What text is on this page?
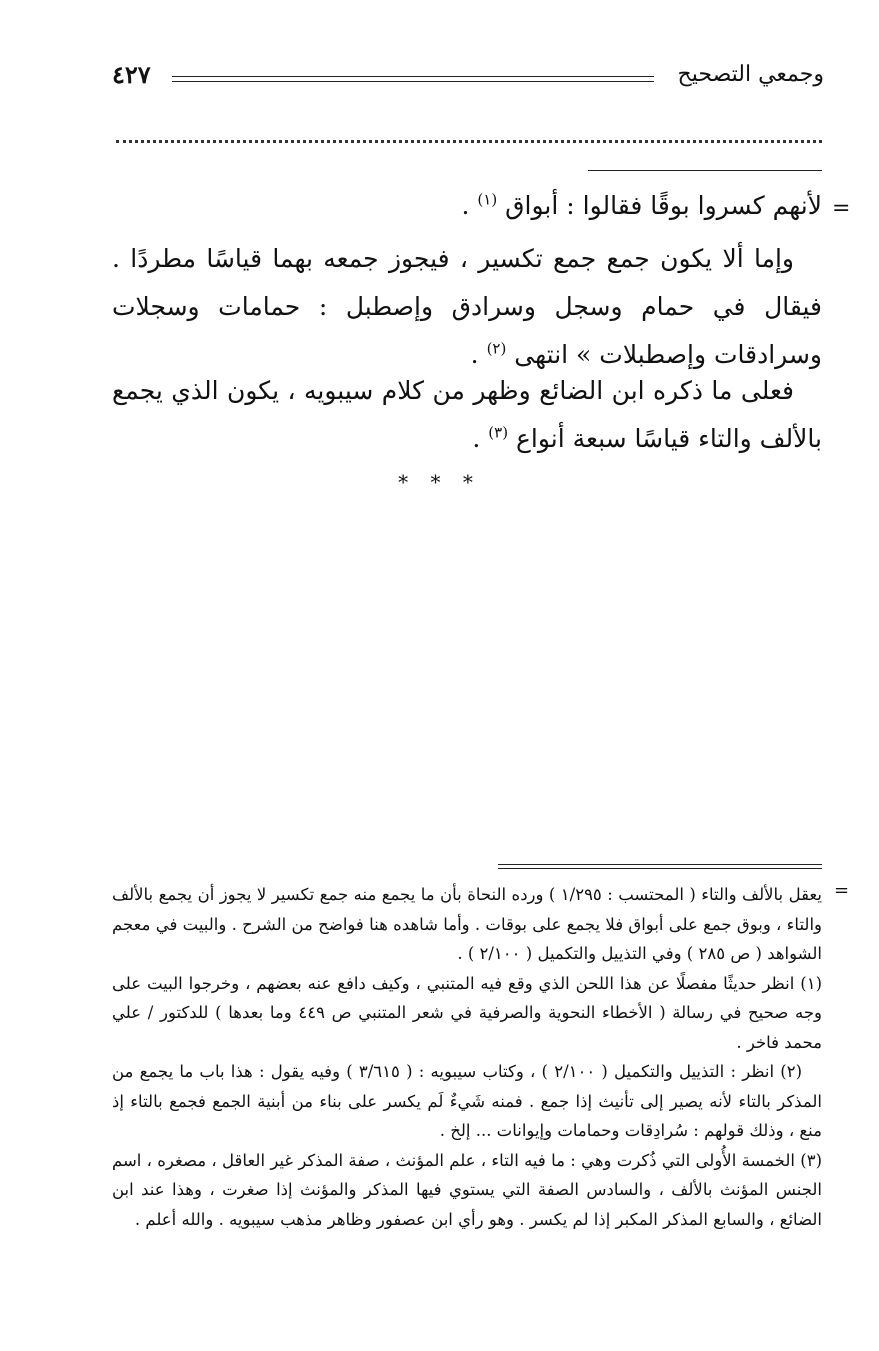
٤٢٧	وجمعي التصحيح
=

لأنهم كسروا بوقًا فقالوا : أبواق $^{(١)}$ .

وإما ألا يكون جمع جمع تكسير ، فيجوز جمعه بهما قياسًا مطردًا . فيقال في حمام وسجل وسرادق وإصطبل : حمامات وسجلات وسرادقات وإصطبلات » انتهى $^{(٢)}$ .

فعلى ما ذكره ابن الضائع وظهر من كلام سيبويه ، يكون الذي يجمع بالألف والتاء قياسًا سبعة أنواع $^{(٣)}$ .

* * *
=

يعقل بالألف والتاء ( المحتسب : ١/٢٩٥ ) ورده النحاة بأن ما يجمع منه جمع تكسير لا يجوز أن يجمع بالألف والتاء ، وبوق جمع على أبواق فلا يجمع على بوقات . وأما شاهده هنا فواضح من الشرح . والبيت في معجم الشواهد ( ص ٢٨٥ ) وفي التذييل والتكميل ( ٢/١٠٠ ) .

(١) انظر حديثًا مفصلًا عن هذا اللحن الذي وقع فيه المتنبي ، وكيف دافع عنه بعضهم ، وخرجوا البيت على وجه صحيح في رسالة ( الأخطاء النحوية والصرفية في شعر المتنبي ص ٤٤٩ وما بعدها ) للدكتور / علي محمد فاخر .

(٢) انظر : التذييل والتكميل ( ٢/١٠٠ ) ، وكتاب سيبويه : ( ٣/٦١٥ ) وفيه يقول : هذا باب ما يجمع من المذكر بالتاء لأنه يصير إلى تأنيث إذا جمع . فمنه شَيءٌ لَم يكسر على بناء من أبنية الجمع فجمع بالتاء إذ منع ، وذلك قولهم : سُرادِقات وحمامات وإيوانات ... إلخ .

(٣) الخمسة الأُولى التي ذُكرت وهي : ما فيه التاء ، علم المؤنث ، صفة المذكر غير العاقل ، مصغره ، اسم الجنس المؤنث بالألف ، والسادس الصفة التي يستوي فيها المذكر والمؤنث إذا صغرت ، وهذا عند ابن الضائع ، والسابع المذكر المكبر إذا لم يكسر . وهو رأي ابن عصفور وظاهر مذهب سيبويه . والله أعلم .
